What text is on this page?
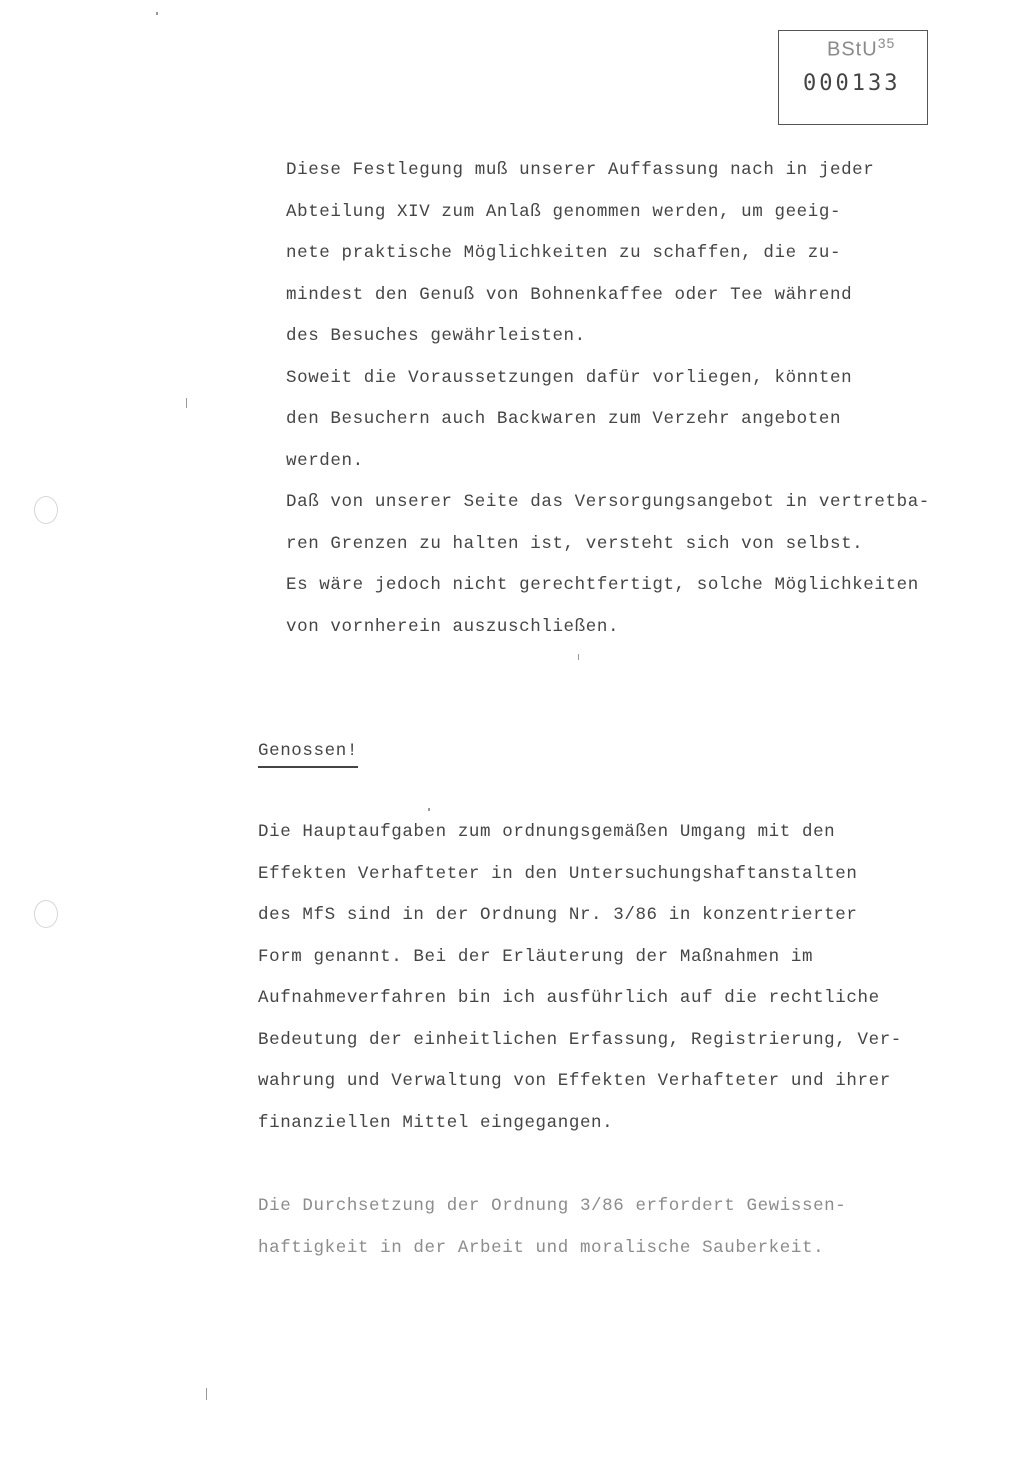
BStU$^{35}$
000133

Diese Festlegung muß unserer Auffassung nach in jeder

Abteilung XIV zum Anlaß genommen werden, um geeig-

nete praktische Möglichkeiten zu schaffen, die zu-

mindest den Genuß von Bohnenkaffee oder Tee während

des Besuches gewährleisten.

Soweit die Voraussetzungen dafür vorliegen, könnten

den Besuchern auch Backwaren zum Verzehr angeboten

werden.

Daß von unserer Seite das Versorgungsangebot in vertretba-

ren Grenzen zu halten ist, versteht sich von selbst.

Es wäre jedoch nicht gerechtfertigt, solche Möglichkeiten

von vornherein auszuschließen.

Genossen!

Die Hauptaufgaben zum ordnungsgemäßen Umgang mit den

Effekten Verhafteter in den Untersuchungshaftanstalten

des MfS sind in der Ordnung Nr. 3/86 in konzentrierter

Form genannt. Bei der Erläuterung der Maßnahmen im

Aufnahmeverfahren bin ich ausführlich auf die rechtliche

Bedeutung der einheitlichen Erfassung, Registrierung, Ver-

wahrung und Verwaltung von Effekten Verhafteter und ihrer

finanziellen Mittel eingegangen.

Die Durchsetzung der Ordnung 3/86 erfordert Gewissen-

haftigkeit in der Arbeit und moralische Sauberkeit.
